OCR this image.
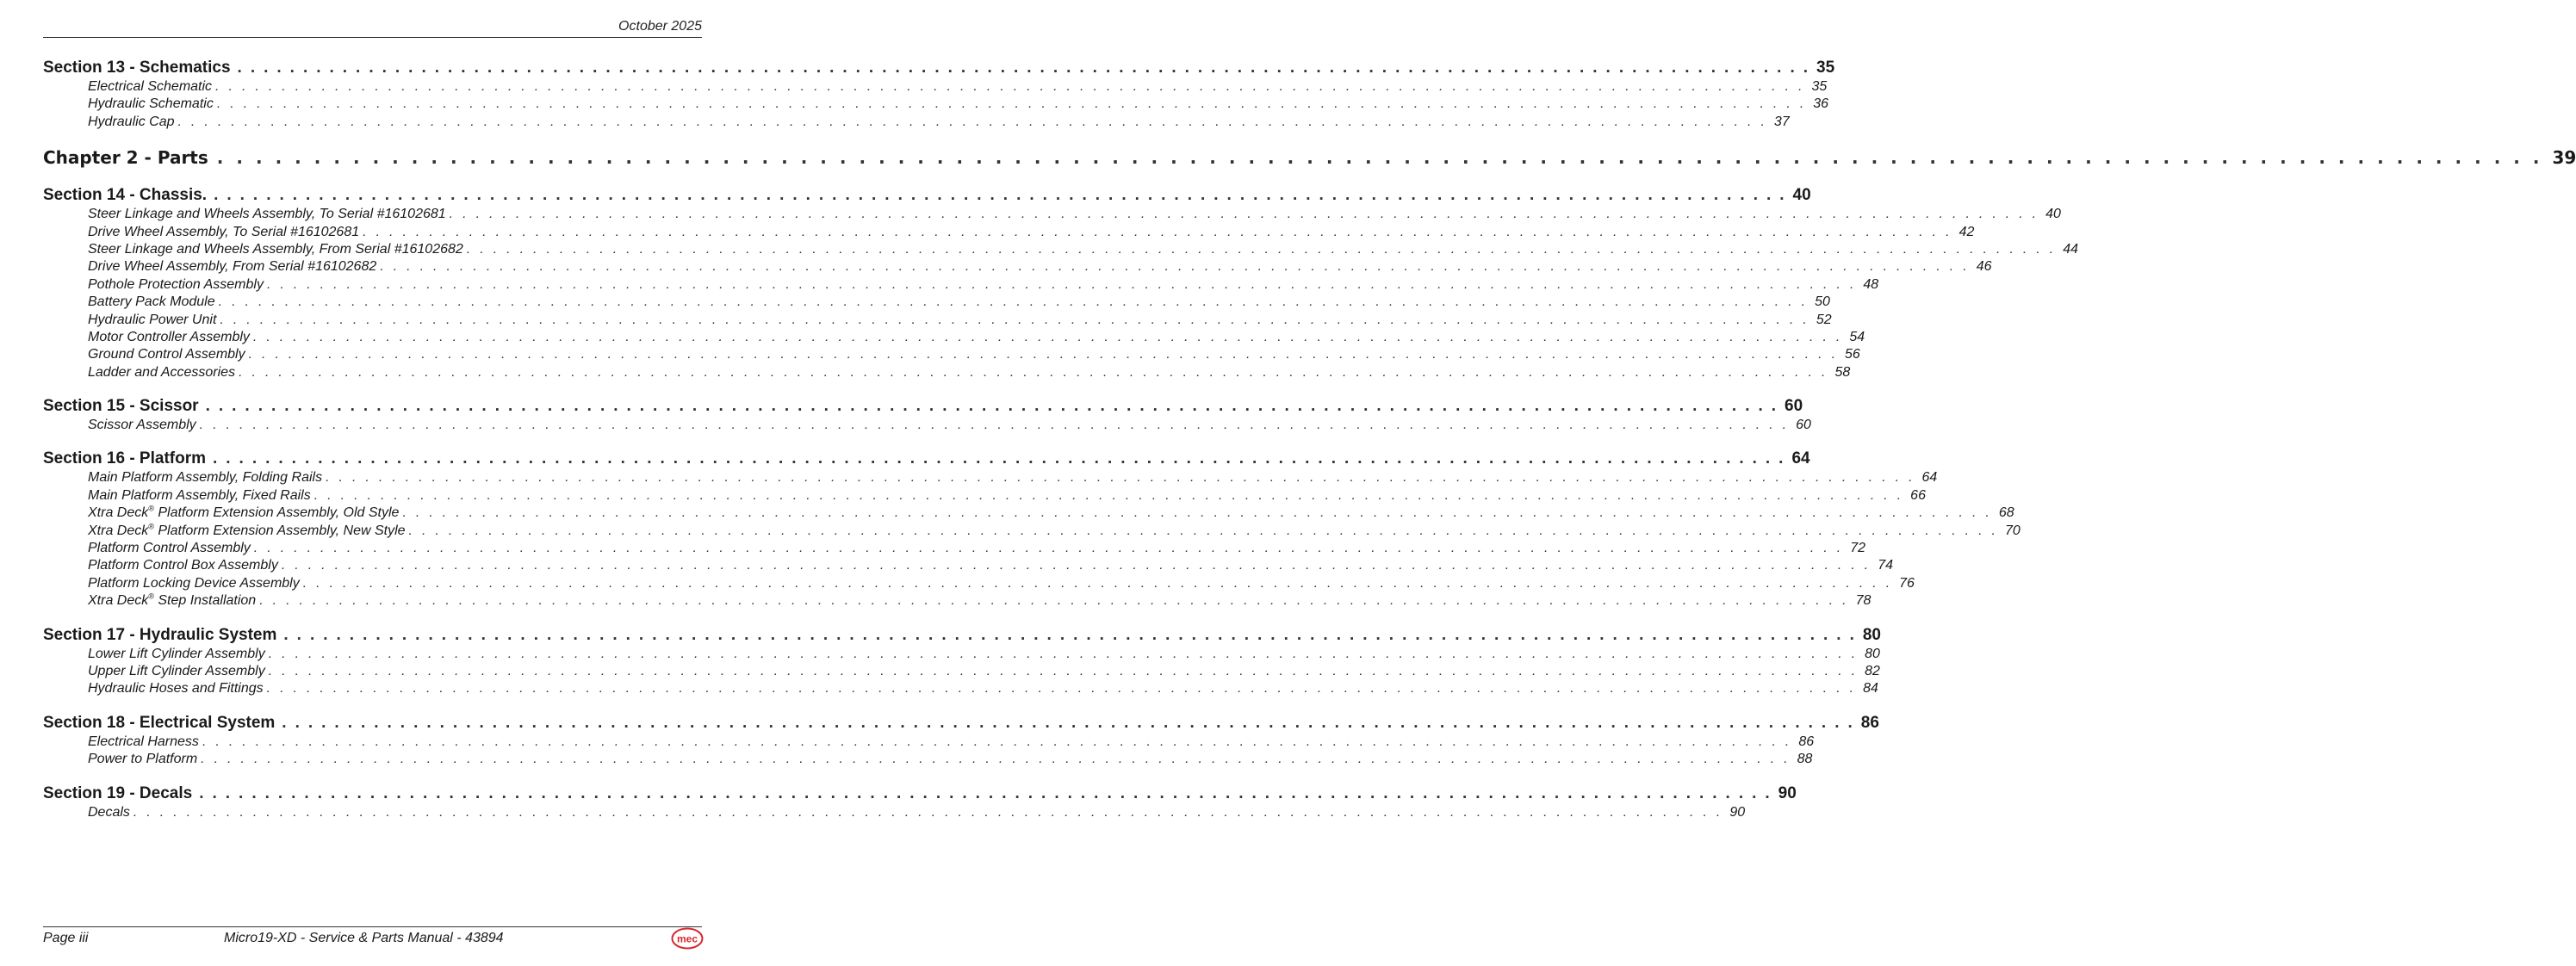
October 2025
Section 13 - Schematics ........................................................................................................................ 35
Electrical Schematic ........................................................................................................................ 35
Hydraulic Schematic ........................................................................................................................ 36
Hydraulic Cap ........................................................................................................................ 37
Chapter 2 - Parts ........................................................................................................................ 39
Section 14 - Chassis. ........................................................................................................................ 40
Steer Linkage and Wheels Assembly, To Serial #16102681 ........................................................................................................................ 40
Drive Wheel Assembly, To Serial #16102681 ........................................................................................................................ 42
Steer Linkage and Wheels Assembly, From Serial #16102682 ........................................................................................................................ 44
Drive Wheel Assembly, From Serial #16102682 ........................................................................................................................ 46
Pothole Protection Assembly ........................................................................................................................ 48
Battery Pack Module ........................................................................................................................ 50
Hydraulic Power Unit ........................................................................................................................ 52
Motor Controller Assembly ........................................................................................................................ 54
Ground Control Assembly ........................................................................................................................ 56
Ladder and Accessories ........................................................................................................................ 58
Section 15 - Scissor ........................................................................................................................ 60
Scissor Assembly ........................................................................................................................ 60
Section 16 - Platform ........................................................................................................................ 64
Main Platform Assembly, Folding Rails ........................................................................................................................ 64
Main Platform Assembly, Fixed Rails ........................................................................................................................ 66
Xtra Deck® Platform Extension Assembly, Old Style ........................................................................................................................ 68
Xtra Deck® Platform Extension Assembly, New Style ........................................................................................................................ 70
Platform Control Assembly ........................................................................................................................ 72
Platform Control Box Assembly ........................................................................................................................ 74
Platform Locking Device Assembly ........................................................................................................................ 76
Xtra Deck® Step Installation ........................................................................................................................ 78
Section 17 - Hydraulic System ........................................................................................................................ 80
Lower Lift Cylinder Assembly ........................................................................................................................ 80
Upper Lift Cylinder Assembly ........................................................................................................................ 82
Hydraulic Hoses and Fittings ........................................................................................................................ 84
Section 18 - Electrical System ........................................................................................................................ 86
Electrical Harness ........................................................................................................................ 86
Power to Platform ........................................................................................................................ 88
Section 19 - Decals ........................................................................................................................ 90
Decals ........................................................................................................................ 90
Page iii	Micro19-XD - Service & Parts Manual - 43894	mec
